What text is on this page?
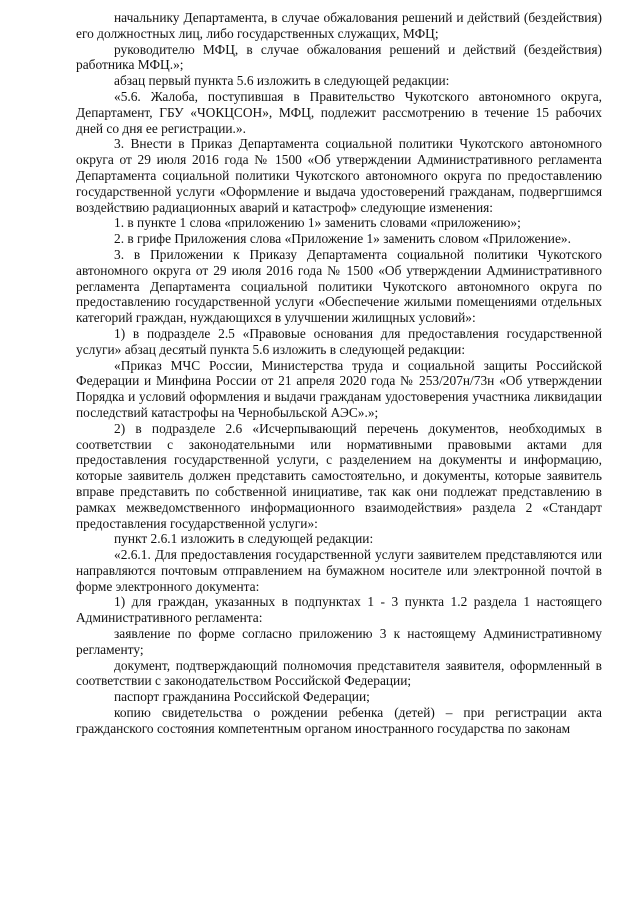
начальнику Департамента, в случае обжалования решений и действий (бездействия) его должностных лиц, либо государственных служащих, МФЦ;

руководителю МФЦ, в случае обжалования решений и действий (бездействия) работника МФЦ.»;

абзац первый пункта 5.6 изложить в следующей редакции:

«5.6. Жалоба, поступившая в Правительство Чукотского автономного округа, Департамент, ГБУ «ЧОКЦСОН», МФЦ, подлежит рассмотрению в течение 15 рабочих дней со дня ее регистрации.».

3. Внести в Приказ Департамента социальной политики Чукотского автономного округа от 29 июля 2016 года № 1500 «Об утверждении Административного регламента Департамента социальной политики Чукотского автономного округа по предоставлению государственной услуги «Оформление и выдача удостоверений гражданам, подвергшимся воздействию радиационных аварий и катастроф» следующие изменения:

1. в пункте 1 слова «приложению 1» заменить словами «приложению»;

2. в грифе Приложения слова «Приложение 1» заменить словом «Приложение».

3. в Приложении к Приказу Департамента социальной политики Чукотского автономного округа от 29 июля 2016 года № 1500 «Об утверждении Административного регламента Департамента социальной политики Чукотского автономного округа по предоставлению государственной услуги «Обеспечение жилыми помещениями отдельных категорий граждан, нуждающихся в улучшении жилищных условий»:

1) в подразделе 2.5 «Правовые основания для предоставления государственной услуги» абзац десятый пункта 5.6 изложить в следующей редакции:

«Приказ МЧС России, Министерства труда и социальной защиты Российской Федерации и Минфина России от 21 апреля 2020 года № 253/207н/73н «Об утверждении Порядка и условий оформления и выдачи гражданам удостоверения участника ликвидации последствий катастрофы на Чернобыльской АЭС».»;

2) в подразделе 2.6 «Исчерпывающий перечень документов, необходимых в соответствии с законодательными или нормативными правовыми актами для предоставления государственной услуги, с разделением на документы и информацию, которые заявитель должен представить самостоятельно, и документы, которые заявитель вправе представить по собственной инициативе, так как они подлежат представлению в рамках межведомственного информационного взаимодействия» раздела 2 «Стандарт предоставления государственной услуги»:

пункт 2.6.1 изложить в следующей редакции:

«2.6.1. Для предоставления государственной услуги заявителем представляются или направляются почтовым отправлением на бумажном носителе или электронной почтой в форме электронного документа:

1) для граждан, указанных в подпунктах 1 - 3 пункта 1.2 раздела 1 настоящего Административного регламента:

заявление по форме согласно приложению 3 к настоящему Административному регламенту;

документ, подтверждающий полномочия представителя заявителя, оформленный в соответствии с законодательством Российской Федерации;

паспорт гражданина Российской Федерации;

копию свидетельства о рождении ребенка (детей) – при регистрации акта гражданского состояния компетентным органом иностранного государства по законам
